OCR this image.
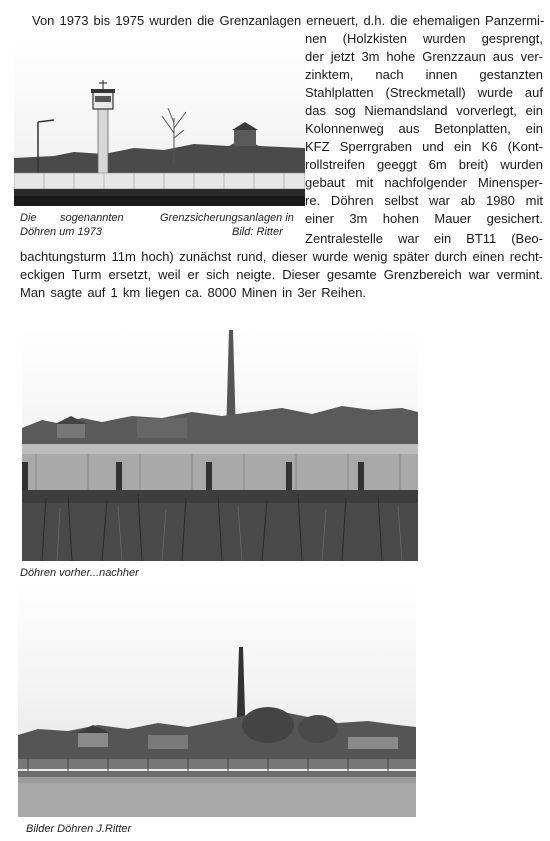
Von 1973 bis 1975 wurden die Grenzanlagen erneuert, d.h. die ehemaligen Panzermi-
nen (Holzkisten wurden gesprengt,
der jetzt 3m hohe Grenzzaun aus ver-
zinktem, nach innen gestanzten
Stahlplatten (Streckmetall) wurde auf
das sog Niemandsland vorverlegt, ein
Kolonnenweg aus Betonplatten, ein
KFZ Sperrgraben und ein K6 (Kont-
rollstreifen geeggt 6m breit) wurden
gebaut mit nachfolgender Minensper-
re. Döhren selbst war ab 1980 mit
einer 3m hohen Mauer gesichert.
Zentralestelle war ein BT11 (Beo-
bachtungsturm 11m hoch) zunächst rund, dieser wurde wenig später durch einen recht-
eckigen Turm ersetzt, weil er sich neigte. Dieser gesamte Grenzbereich war vermint.
Man sagte auf 1 km liegen ca. 8000 Minen in 3er Reihen.
Die sogenannten	Grenzsicherungsanlagen in
Döhren um 1973	Bild: Ritter
Döhren vorher...nachher
Bilder Döhren J.Ritter
